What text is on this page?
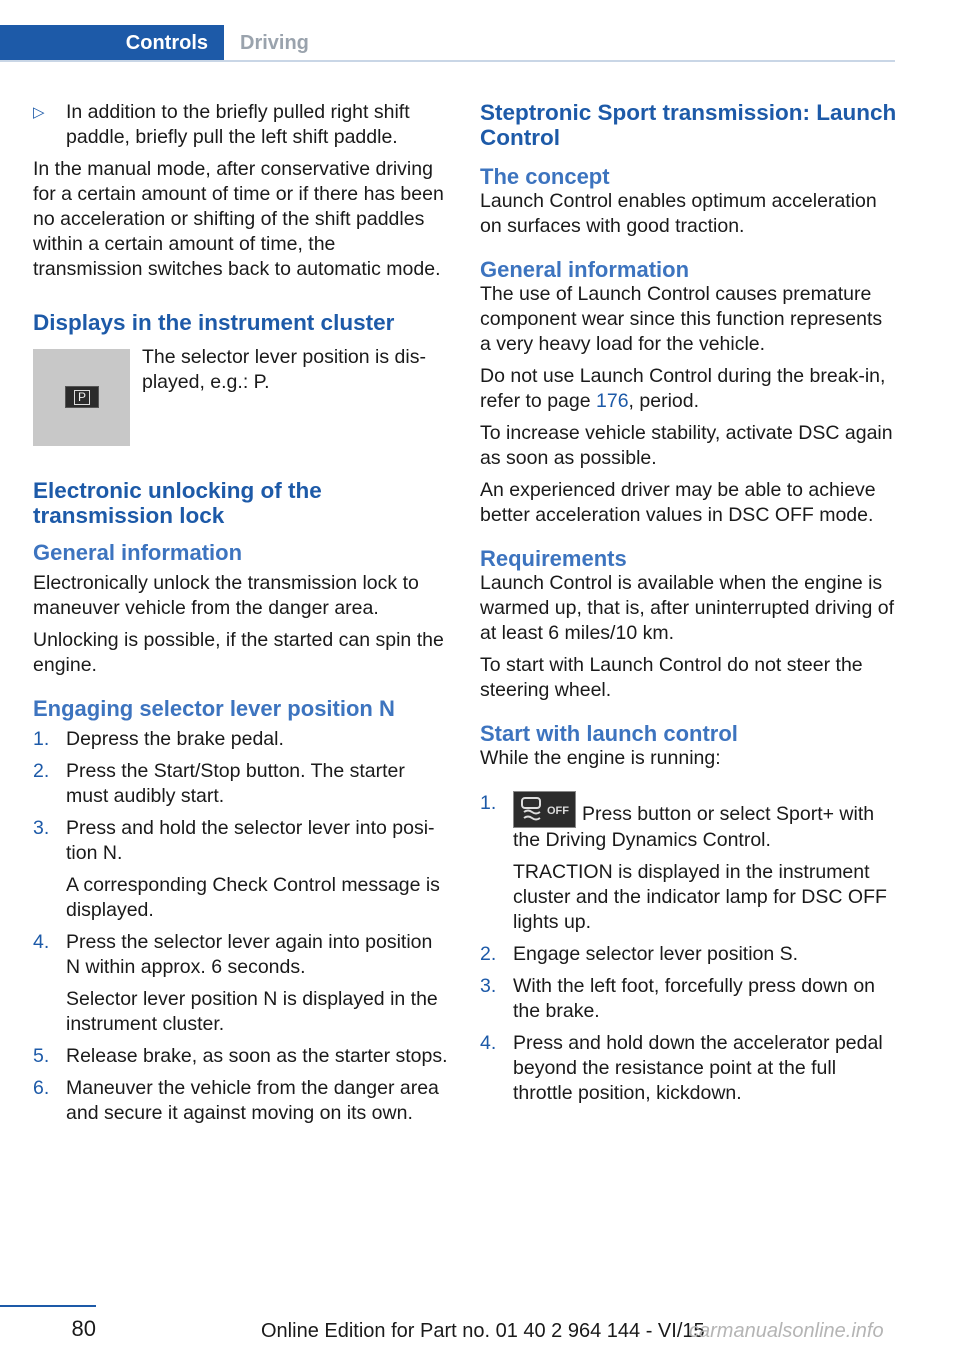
Controls	Driving
▷	In addition to the briefly pulled right shift paddle, briefly pull the left shift paddle.

In the manual mode, after conservative driving for a certain amount of time or if there has been no acceleration or shifting of the shift paddles within a certain amount of time, the transmission switches back to automatic mode.

Displays in the instrument cluster
P
The selector lever position is displayed, e.g.: P.
Electronic unlocking of the transmission lock
General information

Electronically unlock the transmission lock to maneuver vehicle from the danger area.

Unlocking is possible, if the started can spin the engine.

Engaging selector lever position N
1. Depress the brake pedal.

2. Press the Start/Stop button. The starter must audibly start.

3. Press and hold the selector lever into position N.

A corresponding Check Control message is displayed.

4. Press the selector lever again into position N within approx. 6 seconds.

Selector lever position N is displayed in the instrument cluster.

5. Release brake, as soon as the starter stops.

6. Maneuver the vehicle from the danger area and secure it against moving on its own.

Steptronic Sport transmission: Launch Control
The concept

Launch Control enables optimum acceleration on surfaces with good traction.

General information

The use of Launch Control causes premature component wear since this function represents a very heavy load for the vehicle.

Do not use Launch Control during the break-in, refer to page 176, period.

To increase vehicle stability, activate DSC again as soon as possible.

An experienced driver may be able to achieve better acceleration values in DSC OFF mode.

Requirements

Launch Control is available when the engine is warmed up, that is, after uninterrupted driving of at least 6 miles/10 km.

To start with Launch Control do not steer the steering wheel.

Start with launch control

While the engine is running:

1.	OFF Press button or select Sport+ with the Driving Dynamics Control.

TRACTION is displayed in the instrument cluster and the indicator lamp for DSC OFF lights up.

2. Engage selector lever position S.

3. With the left foot, forcefully press down on the brake.

4. Press and hold down the accelerator pedal beyond the resistance point at the full throttle position, kickdown.

80	Online Edition for Part no. 01 40 2 964 144 - VI/15
carmanualsonline.info
